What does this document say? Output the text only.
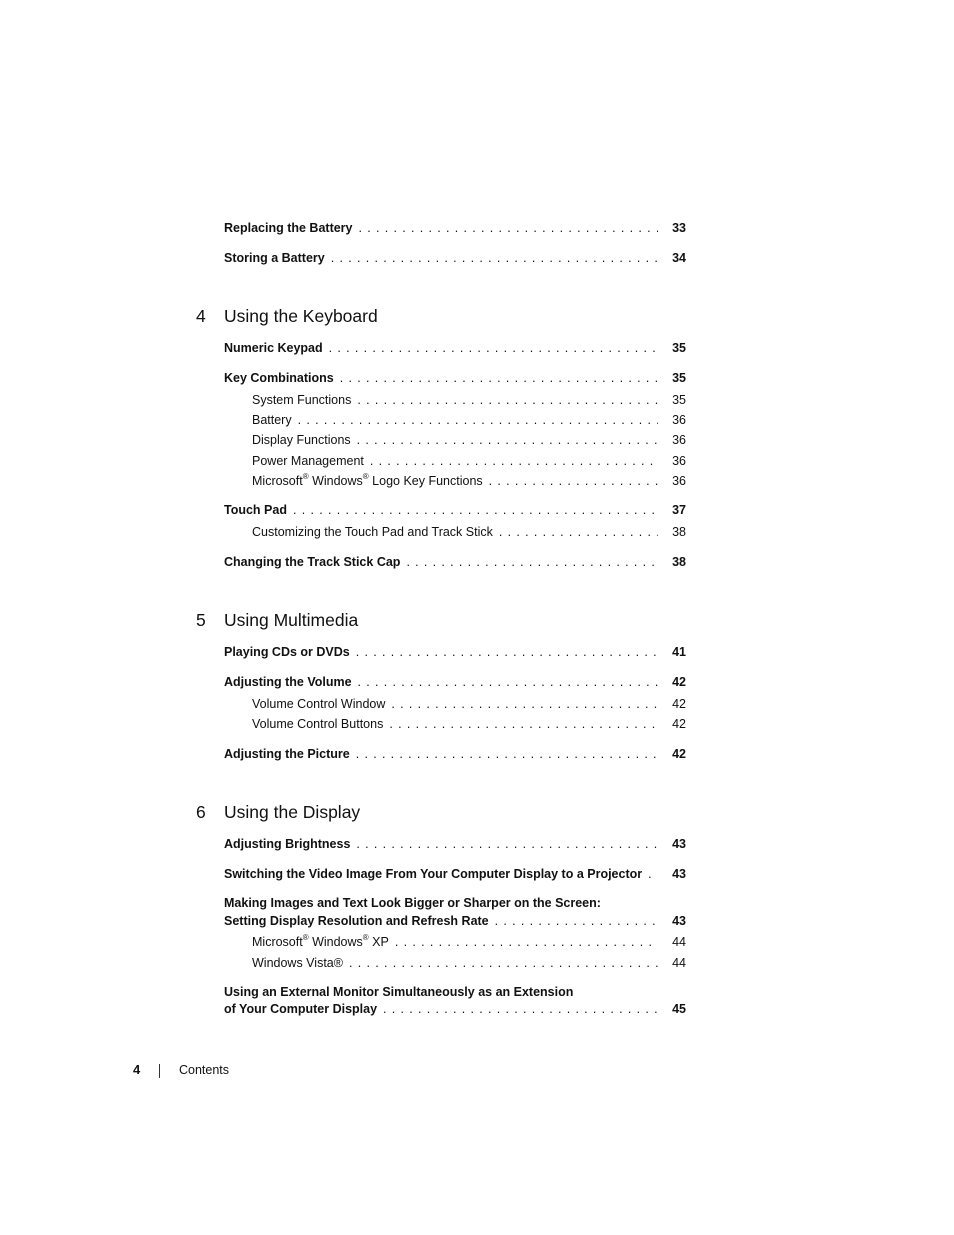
Replacing the Battery . . .	33
Storing a Battery . . .	34
4 Using the Keyboard
Numeric Keypad . . .	35
Key Combinations . . .	35
System Functions . . .	35
Battery . . .	36
Display Functions . . .	36
Power Management . . .	36
Microsoft® Windows® Logo Key Functions . . .	36
Touch Pad . . .	37
Customizing the Touch Pad and Track Stick . . .	38
Changing the Track Stick Cap . . .	38
5 Using Multimedia
Playing CDs or DVDs . . .	41
Adjusting the Volume . . .	42
Volume Control Window . . .	42
Volume Control Buttons . . .	42
Adjusting the Picture . . .	42
6 Using the Display
Adjusting Brightness . . .	43
Switching the Video Image From Your Computer Display to a Projector . . . 43
Making Images and Text Look Bigger or Sharper on the Screen:
Setting Display Resolution and Refresh Rate . . .	43
Microsoft® Windows® XP . . .	44
Windows Vista® . . .	44
Using an External Monitor Simultaneously as an Extension
of Your Computer Display . . .	45
4	Contents
